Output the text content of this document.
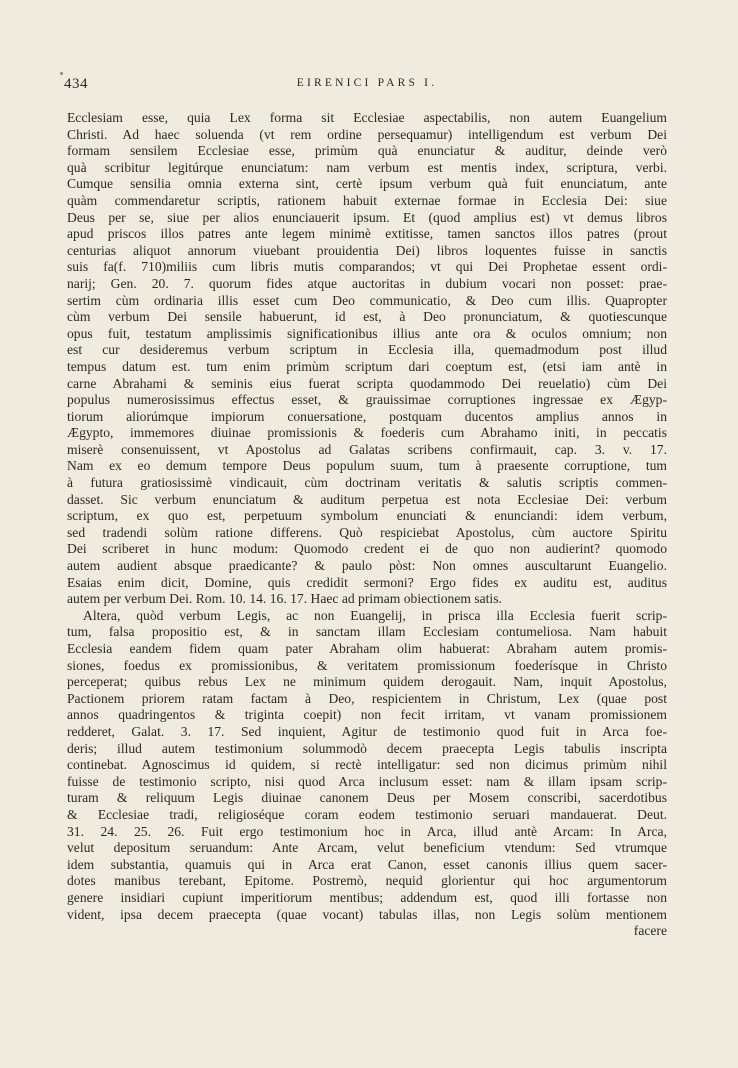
434	EIRENICI PARS I.
Ecclesiam esse, quia Lex forma sit Ecclesiae aspectabilis, non autem Euangelium
Christi. Ad haec soluenda (vt rem ordine persequamur) intelligendum est verbum Dei
formam sensilem Ecclesiae esse, primùm quà enunciatur & auditur, deinde verò
quà scribitur legitúrque enunciatum: nam verbum est mentis index, scriptura, verbi.
Cumque sensilia omnia externa sint, certè ipsum verbum quà fuit enunciatum, ante
quàm commendaretur scriptis, rationem habuit externae formae in Ecclesia Dei: siue
Deus per se, siue per alios enunciauerit ipsum. Et (quod amplius est) vt demus libros
apud priscos illos patres ante legem minimè extitisse, tamen sanctos illos patres (prout
centurias aliquot annorum viuebant prouidentia Dei) libros loquentes fuisse in sanctis
suis fa(f. 710)miliis cum libris mutis comparandos; vt qui Dei Prophetae essent ordi-
narij; Gen. 20. 7. quorum fides atque auctoritas in dubium vocari non posset: prae-
sertim cùm ordinaria illis esset cum Deo communicatio, & Deo cum illis. Quapropter
cùm verbum Dei sensile habuerunt, id est, à Deo pronunciatum, & quotiescunque
opus fuit, testatum amplissimis significationibus illius ante ora & oculos omnium; non
est cur desideremus verbum scriptum in Ecclesia illa, quemadmodum post illud
tempus datum est. tum enim primùm scriptum dari coeptum est, (etsi iam antè in
carne Abrahami & seminis eius fuerat scripta quodammodo Dei reuelatio) cùm Dei
populus numerosissimus effectus esset, & grauissimae corruptiones ingressae ex Ægyp-
tiorum aliorúmque impiorum conuersatione, postquam ducentos amplius annos in
Ægypto, immemores diuinae promissionis & foederis cum Abrahamo initi, in peccatis
miserè consenuissent, vt Apostolus ad Galatas scribens confirmauit, cap. 3. v. 17.
Nam ex eo demum tempore Deus populum suum, tum à praesente corruptione, tum
à futura gratiosissimè vindicauit, cùm doctrinam veritatis & salutis scriptis commen-
dasset. Sic verbum enunciatum & auditum perpetua est nota Ecclesiae Dei: verbum
scriptum, ex quo est, perpetuum symbolum enunciati & enunciandi: idem verbum,
sed tradendi solùm ratione differens. Quò respiciebat Apostolus, cùm auctore Spiritu
Dei scriberet in hunc modum: Quomodo credent ei de quo non audierint? quomodo
autem audient absque praedicante? & paulo pòst: Non omnes auscultarunt Euangelio.
Esaias enim dicit, Domine, quis credidit sermoni? Ergo fides ex auditu est, auditus
autem per verbum Dei. Rom. 10. 14. 16. 17. Haec ad primam obiectionem satis.
Altera, quòd verbum Legis, ac non Euangelij, in prisca illa Ecclesia fuerit scrip-
tum, falsa propositio est, & in sanctam illam Ecclesiam contumeliosa. Nam habuit
Ecclesia eandem fidem quam pater Abraham olim habuerat: Abraham autem promis-
siones, foedus ex promissionibus, & veritatem promissionum foederísque in Christo
perceperat; quibus rebus Lex ne minimum quidem derogauit. Nam, inquit Apostolus,
Pactionem priorem ratam factam à Deo, respicientem in Christum, Lex (quae post
annos quadringentos & triginta coepit) non fecit irritam, vt vanam promissionem
redderet, Galat. 3. 17. Sed inquient, Agitur de testimonio quod fuit in Arca foe-
deris; illud autem testimonium solummodò decem praecepta Legis tabulis inscripta
continebat. Agnoscimus id quidem, si rectè intelligatur: sed non dicimus primùm nihil
fuisse de testimonio scripto, nisi quod Arca inclusum esset: nam & illam ipsam scrip-
turam & reliquum Legis diuinae canonem Deus per Mosem conscribi, sacerdotibus
& Ecclesiae tradi, religioséque coram eodem testimonio seruari mandauerat. Deut.
31. 24. 25. 26. Fuit ergo testimonium hoc in Arca, illud antè Arcam: In Arca,
velut depositum seruandum: Ante Arcam, velut beneficium vtendum: Sed vtrumque
idem substantia, quamuis qui in Arca erat Canon, esset canonis illius quem sacer-
dotes manibus terebant, Epitome. Postremò, nequid glorientur qui hoc argumentorum
genere insidiari cupiunt imperitiorum mentibus; addendum est, quod illi fortasse non
vident, ipsa decem praecepta (quae vocant) tabulas illas, non Legis solùm mentionem
facere
